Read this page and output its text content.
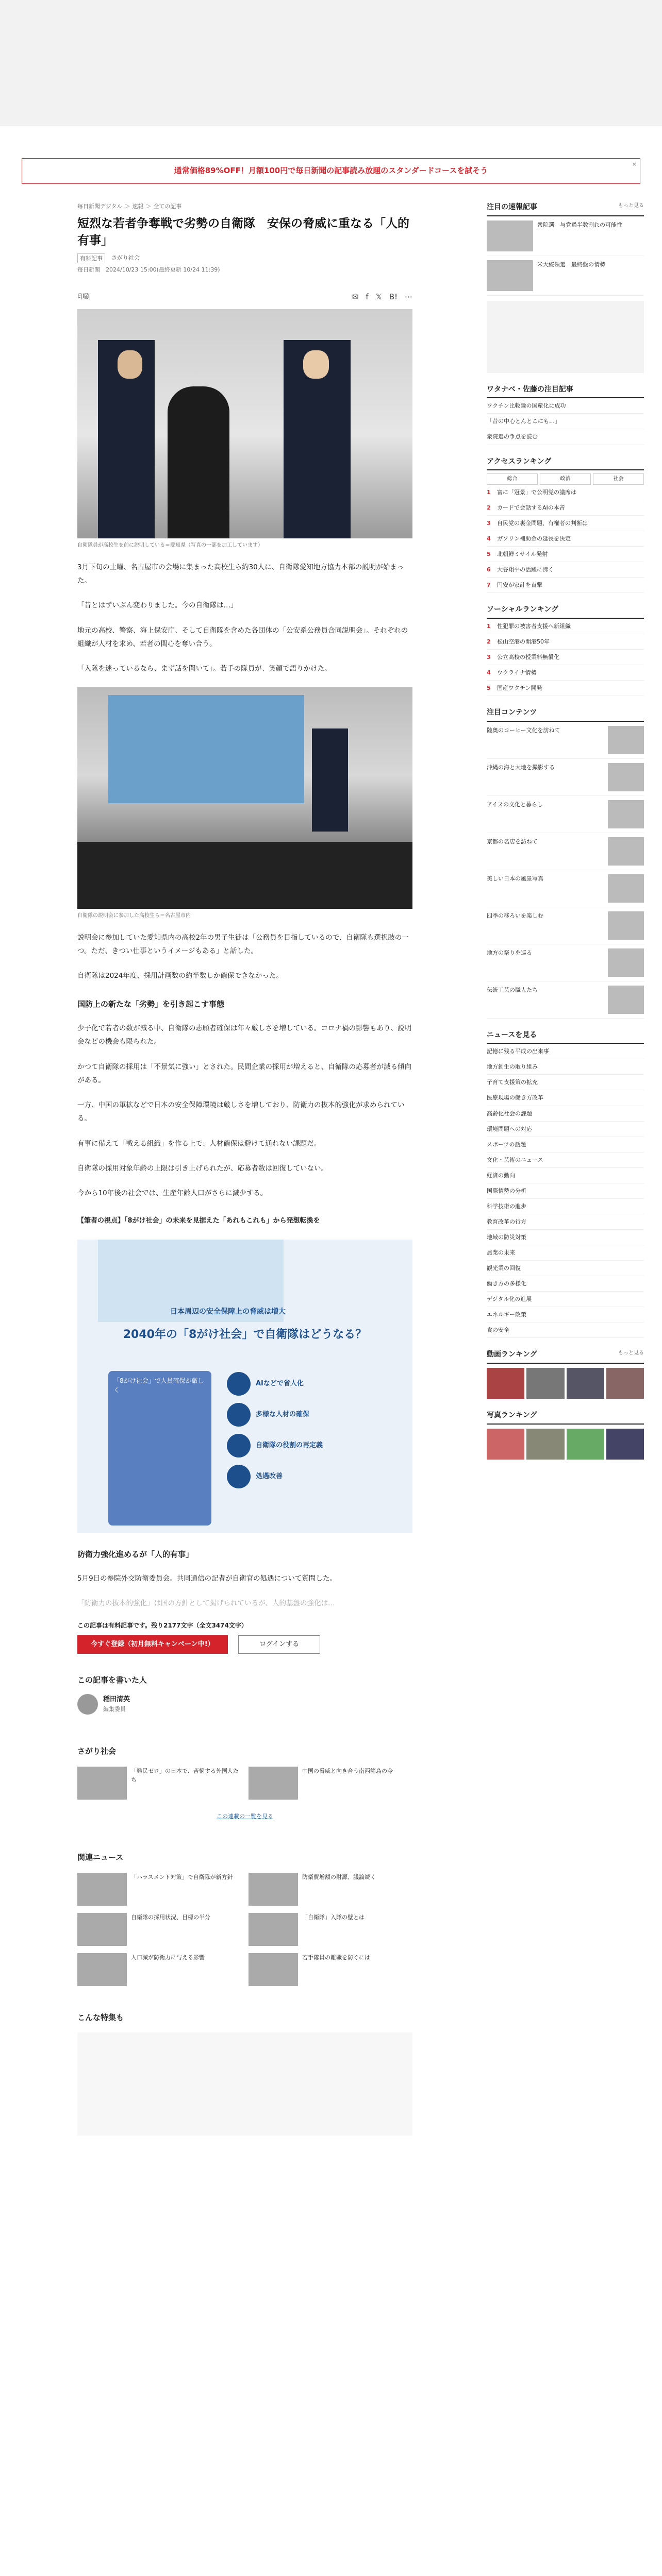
通常価格89%OFF！月額100円で毎日新聞の記事読み放題のスタンダードコースを試そう
×
毎日新聞デジタル ＞ 速報 ＞ 全ての記事
短烈な若者争奪戦で劣勢の自衛隊　安保の脅威に重なる「人的有事」
有料記事	さがり社会
毎日新聞　2024/10/23 15:00(最終更新 10/24 11:39)
印刷	✉ f 𝕏 B! ⋯
自衛隊員が高校生を前に説明している＝愛知県（写真の一部を加工しています）

3月下旬の土曜、名古屋市の会場に集まった高校生ら約30人に、自衛隊愛知地方協力本部の説明が始まった。

「昔とはずいぶん変わりました。今の自衛隊は…」

地元の高校、警察、海上保安庁、そして自衛隊を含めた各団体の「公安系公務員合同説明会」。それぞれの組織が人材を求め、若者の関心を奪い合う。

「入隊を迷っているなら、まず話を聞いて」。若手の隊員が、笑顔で語りかけた。

自衛隊の説明会に参加した高校生ら＝名古屋市内

説明会に参加していた愛知県内の高校2年の男子生徒は「公務員を目指しているので、自衛隊も選択肢の一つ。ただ、きつい仕事というイメージもある」と話した。

自衛隊は2024年度、採用計画数の約半数しか確保できなかった。

国防上の新たな「劣勢」を引き起こす事態

少子化で若者の数が減る中、自衛隊の志願者確保は年々厳しさを増している。コロナ禍の影響もあり、説明会などの機会も限られた。

かつて自衛隊の採用は「不景気に強い」とされた。民間企業の採用が増えると、自衛隊の応募者が減る傾向がある。

一方、中国の軍拡などで日本の安全保障環境は厳しさを増しており、防衛力の抜本的強化が求められている。

有事に備えて「戦える組織」を作る上で、人材確保は避けて通れない課題だ。

自衛隊の採用対象年齢の上限は引き上げられたが、応募者数は回復していない。

今から10年後の社会では、生産年齢人口がさらに減少する。

【筆者の視点】「8がけ社会」の未来を見据えた「あれもこれも」から発想転換を
日本周辺の安全保障上の脅威は増大
2040年の「8がけ社会」で自衛隊はどうなる？
「8がけ社会」で人員確保が厳しく
AIなどで省人化
多様な人材の確保
自衛隊の役割の再定義
処遇改善
防衛力強化進めるが「人的有事」

5月9日の参院外交防衛委員会。共同通信の記者が自衛官の処遇について質問した。

「防衛力の抜本的強化」は国の方針として掲げられているが、人的基盤の強化は…

この記事は有料記事です。残り2177文字（全文3474文字）
今すぐ登録（初月無料キャンペーン中!）	ログインする
この記事を書いた人
稲田清英
編集委員
さがり社会
「難民ゼロ」の日本で、苦悩する外国人たち
中国の脅威と向き合う南西諸島の今
この連載の一覧を見る
関連ニュース
「ハラスメント対策」で自衛隊が新方針	防衛費増額の財源、議論続く
自衛隊の採用状況、目標の半分	「自衛隊」入隊の壁とは
人口減が防衛力に与える影響	若手隊員の離職を防ぐには
こんな特集も
注目の速報記事	もっと見る
衆院選　与党過半数割れの可能性
米大統領選　最終盤の情勢
ワタナベ・佐藤の注目記事
ワクチン比較論の国産化に成功
「昔の中心とんとこにも…」
衆院選の争点を読む
アクセスランキング
総合	政治	社会
1	富に「冠景」で公明党の議席は
2	カードで会話するAIの本音
3	自民党の裏金問題、有権者の判断は
4	ガソリン補助金の延長を決定
5	北朝鮮ミサイル発射
6	大谷翔平の活躍に沸く
7	円安が家計を直撃
ソーシャルランキング
1	性犯罪の被害者支援へ新組織
2	松山空港の開港50年
3	公立高校の授業料無償化
4	ウクライナ情勢
5	国産ワクチン開発
注目コンテンツ
陸奥のコーヒー文化を訪ねて
沖縄の海と大地を撮影する
アイヌの文化と暮らし
京都の名店を訪ねて
美しい日本の風景写真
四季の移ろいを楽しむ
地方の祭りを巡る
伝統工芸の職人たち
ニュースを見る
記憶に残る平成の出来事
地方創生の取り組み
子育て支援策の拡充
医療現場の働き方改革
高齢化社会の課題
環境問題への対応
スポーツの話題
文化・芸術のニュース
経済の動向
国際情勢の分析
科学技術の進歩
教育改革の行方
地域の防災対策
農業の未来
観光業の回復
働き方の多様化
デジタル化の進展
エネルギー政策
食の安全
動画ランキング	もっと見る
写真ランキング
